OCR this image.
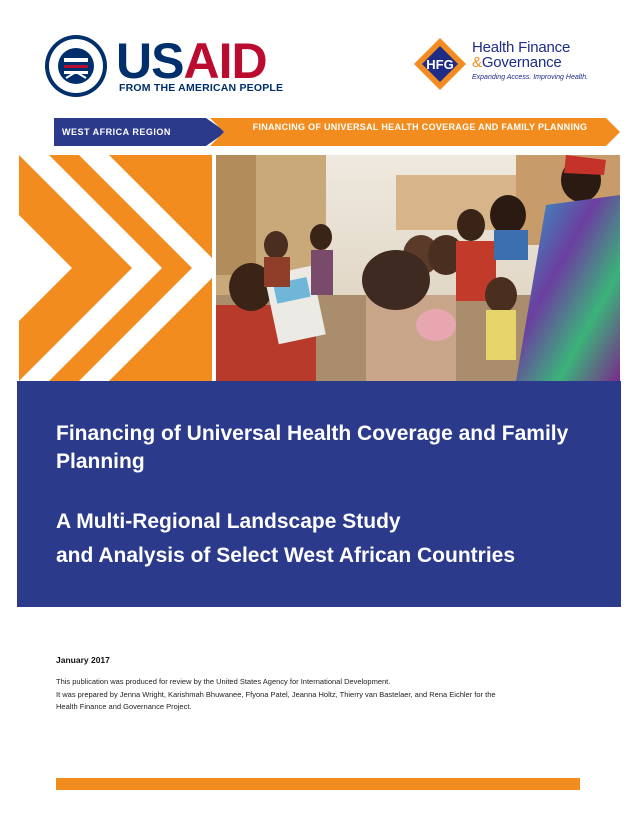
USAID
FROM THE AMERICAN PEOPLE
HFG
Health Finance
&Governance
Expanding Access. Improving Health.
WEST AFRICA REGION	FINANCING OF UNIVERSAL HEALTH COVERAGE AND FAMILY PLANNING
Financing of Universal Health Coverage and Family Planning
A Multi-Regional Landscape Study
and Analysis of Select West African Countries
January 2017
This publication was produced for review by the United States Agency for International Development.
It was prepared by Jenna Wright, Karishmah Bhuwanee, Ffyona Patel, Jeanna Holtz, Thierry van Bastelaer, and Rena Eichler for the
Health Finance and Governance Project.
